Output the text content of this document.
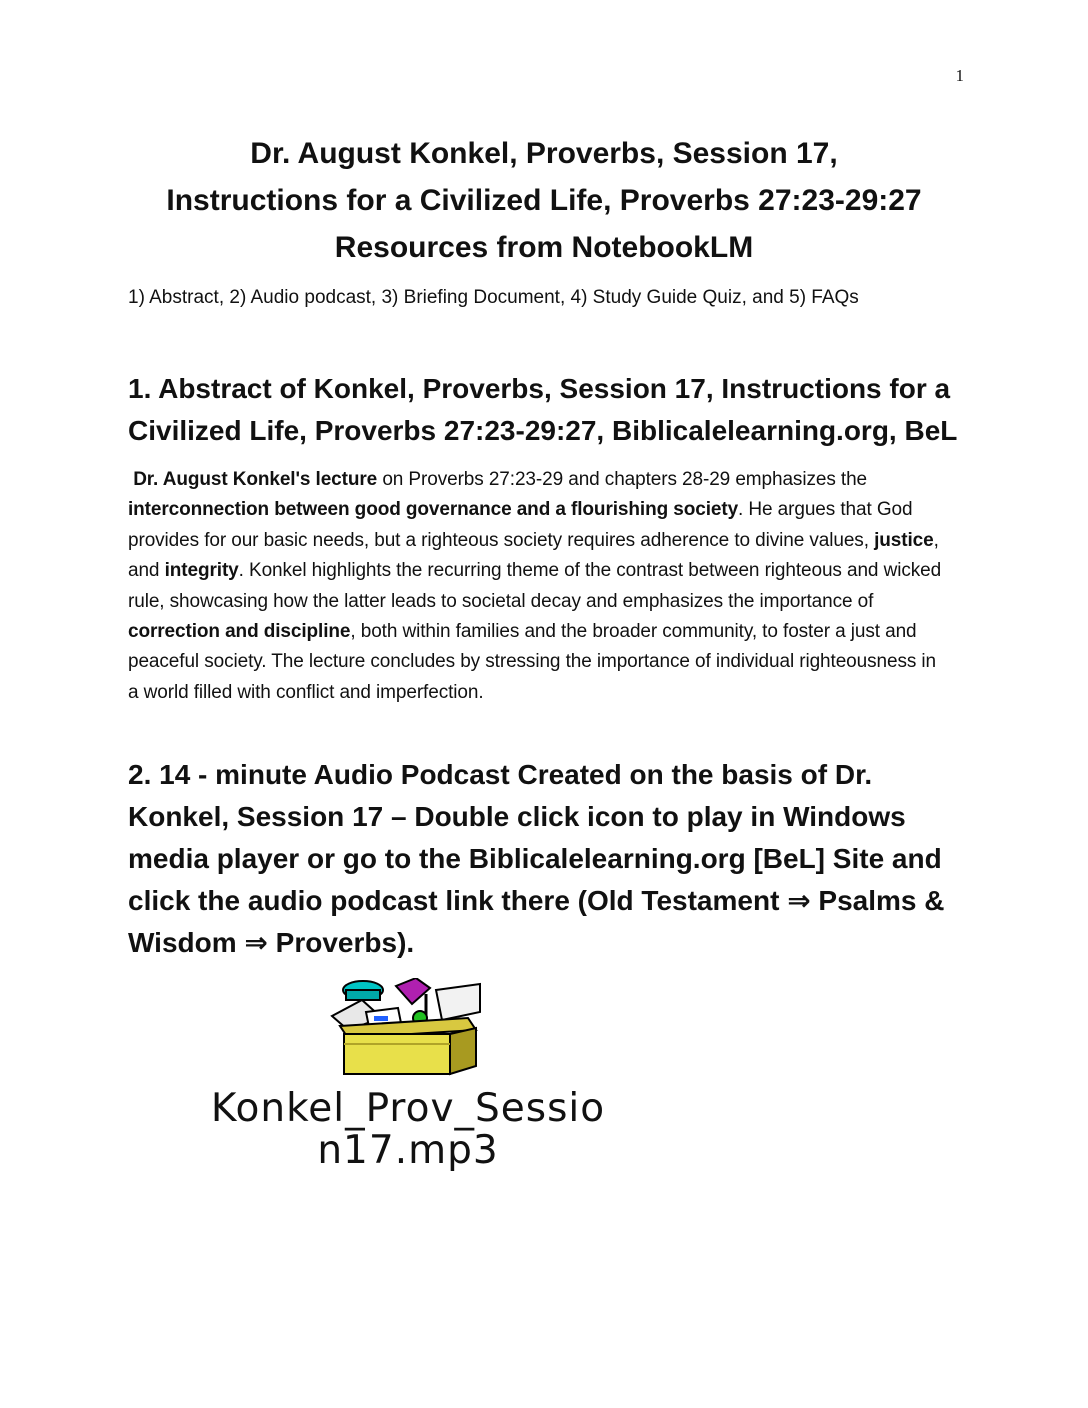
1
Dr. August Konkel, Proverbs, Session 17,
Instructions for a Civilized Life, Proverbs 27:23-29:27
Resources from NotebookLM
1) Abstract, 2) Audio podcast, 3) Briefing Document, 4) Study Guide Quiz, and 5) FAQs
1. Abstract of Konkel, Proverbs, Session 17, Instructions for a Civilized Life, Proverbs 27:23-29:27, Biblicalelearning.org, BeL
Dr. August Konkel's lecture on Proverbs 27:23-29 and chapters 28-29 emphasizes the interconnection between good governance and a flourishing society. He argues that God provides for our basic needs, but a righteous society requires adherence to divine values, justice, and integrity. Konkel highlights the recurring theme of the contrast between righteous and wicked rule, showcasing how the latter leads to societal decay and emphasizes the importance of correction and discipline, both within families and the broader community, to foster a just and peaceful society. The lecture concludes by stressing the importance of individual righteousness in a world filled with conflict and imperfection.
2. 14 - minute Audio Podcast Created on the basis of Dr. Konkel, Session 17 – Double click icon to play in Windows media player or go to the Biblicalelearning.org [BeL] Site and click the audio podcast link there (Old Testament ⇒ Psalms & Wisdom ⇒ Proverbs).
Konkel_Prov_Sessio
n17.mp3
